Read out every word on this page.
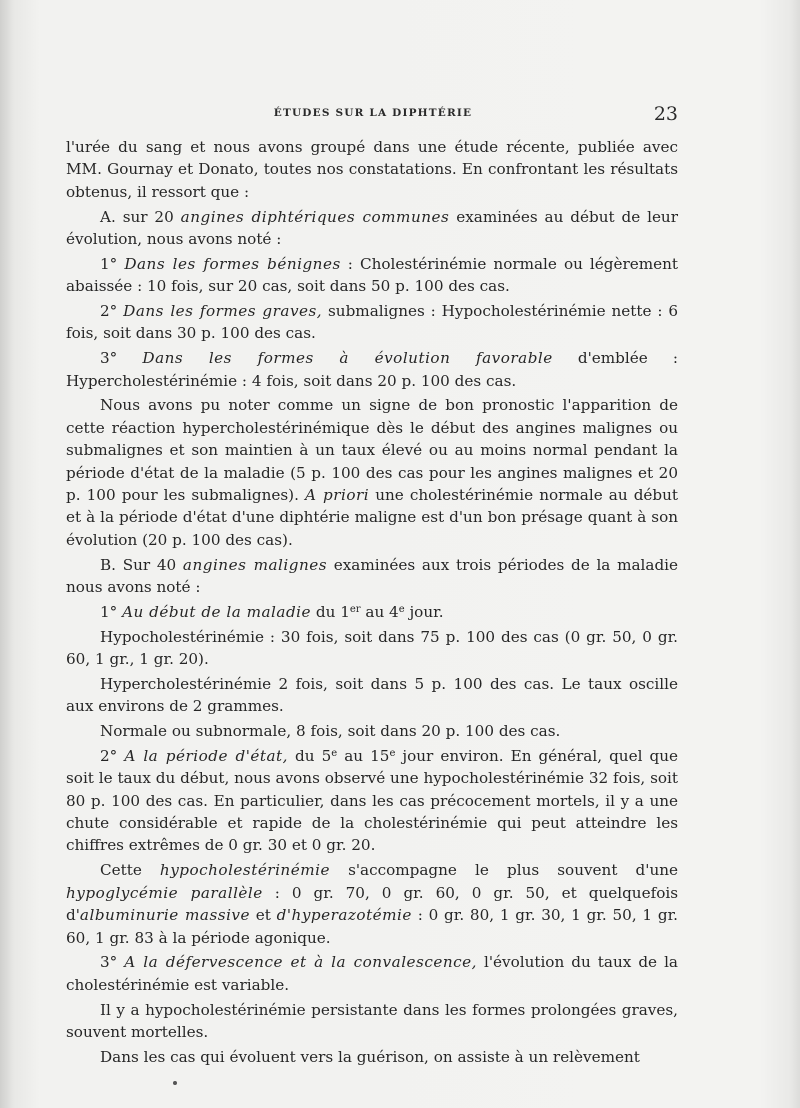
ÉTUDES SUR LA DIPHTÉRIE	23

l'urée du sang et nous avons groupé dans une étude récente, publiée avec MM. Gournay et Donato, toutes nos constatations. En confrontant les résultats obtenus, il ressort que :

A. sur 20 angines diphtériques communes examinées au début de leur évolution, nous avons noté :

1° Dans les formes bénignes : Cholestérinémie normale ou légèrement abaissée : 10 fois, sur 20 cas, soit dans 50 p. 100 des cas.

2° Dans les formes graves, submalignes : Hypocholestérinémie nette : 6 fois, soit dans 30 p. 100 des cas.

3° Dans les formes à évolution favorable d'emblée : Hypercholestérinémie : 4 fois, soit dans 20 p. 100 des cas.

Nous avons pu noter comme un signe de bon pronostic l'apparition de cette réaction hypercholestérinémique dès le début des angines malignes ou submalignes et son maintien à un taux élevé ou au moins normal pendant la période d'état de la maladie (5 p. 100 des cas pour les angines malignes et 20 p. 100 pour les submalignes). A priori une cholestérinémie normale au début et à la période d'état d'une diphtérie maligne est d'un bon présage quant à son évolution (20 p. 100 des cas).

B. Sur 40 angines malignes examinées aux trois périodes de la maladie nous avons noté :

1° Au début de la maladie du 1er au 4e jour.

Hypocholestérinémie : 30 fois, soit dans 75 p. 100 des cas (0 gr. 50, 0 gr. 60, 1 gr., 1 gr. 20).

Hypercholestérinémie 2 fois, soit dans 5 p. 100 des cas. Le taux oscille aux environs de 2 grammes.

Normale ou subnormale, 8 fois, soit dans 20 p. 100 des cas.

2° A la période d'état, du 5e au 15e jour environ. En général, quel que soit le taux du début, nous avons observé une hypocholestérinémie 32 fois, soit 80 p. 100 des cas. En particulier, dans les cas précocement mortels, il y a une chute considérable et rapide de la cholestérinémie qui peut atteindre les chiffres extrêmes de 0 gr. 30 et 0 gr. 20.

Cette hypocholestérinémie s'accompagne le plus souvent d'une hypoglycémie parallèle : 0 gr. 70, 0 gr. 60, 0 gr. 50, et quelquefois d'albuminurie massive et d'hyperazotémie : 0 gr. 80, 1 gr. 30, 1 gr. 50, 1 gr. 60, 1 gr. 83 à la période agonique.

3° A la défervescence et à la convalescence, l'évolution du taux de la cholestérinémie est variable.

Il y a hypocholestérinémie persistante dans les formes prolongées graves, souvent mortelles.

Dans les cas qui évoluent vers la guérison, on assiste à un relèvement
